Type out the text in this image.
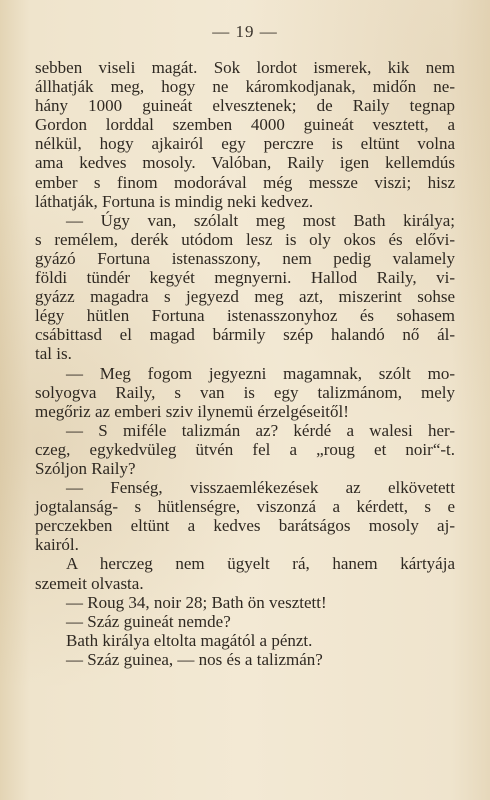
— 19 —
sebben viseli magát. Sok lordot ismerek, kik nem
állhatják meg, hogy ne káromkodjanak, midőn ne-
hány 1000 guineát elvesztenek; de Raily tegnap
Gordon lorddal szemben 4000 guineát vesztett, a
nélkül, hogy ajkairól egy perczre is eltünt volna
ama kedves mosoly. Valóban, Raily igen kellemdús
ember s finom modorával még messze viszi; hisz
láthatják, Fortuna is mindig neki kedvez.
— Úgy van, szólalt meg most Bath királya;
s remélem, derék utódom lesz is oly okos és elővi-
gyázó Fortuna istenasszony, nem pedig valamely
földi tündér kegyét megnyerni. Hallod Raily, vi-
gyázz magadra s jegyezd meg azt, miszerint sohse
légy hütlen Fortuna istenasszonyhoz és sohasem
csábittasd el magad bármily szép halandó nő ál-
tal is.
— Meg fogom jegyezni magamnak, szólt mo-
solyogva Raily, s van is egy talizmánom, mely
megőriz az emberi sziv ilynemü érzelgéseitől!
— S miféle talizmán az? kérdé a walesi her-
czeg, egykedvüleg ütvén fel a „roug et noir“-t.
Szóljon Raily?
— Fenség, visszaemlékezések az elkövetett
jogtalanság- s hütlenségre, viszonzá a kérdett, s e
perczekben eltünt a kedves barátságos mosoly aj-
kairól.
A herczeg nem ügyelt rá, hanem kártyája
szemeit olvasta.
— Roug 34, noir 28; Bath ön vesztett!
— Száz guineát nemde?
Bath királya eltolta magától a pénzt.
— Száz guinea, — nos és a talizmán?
